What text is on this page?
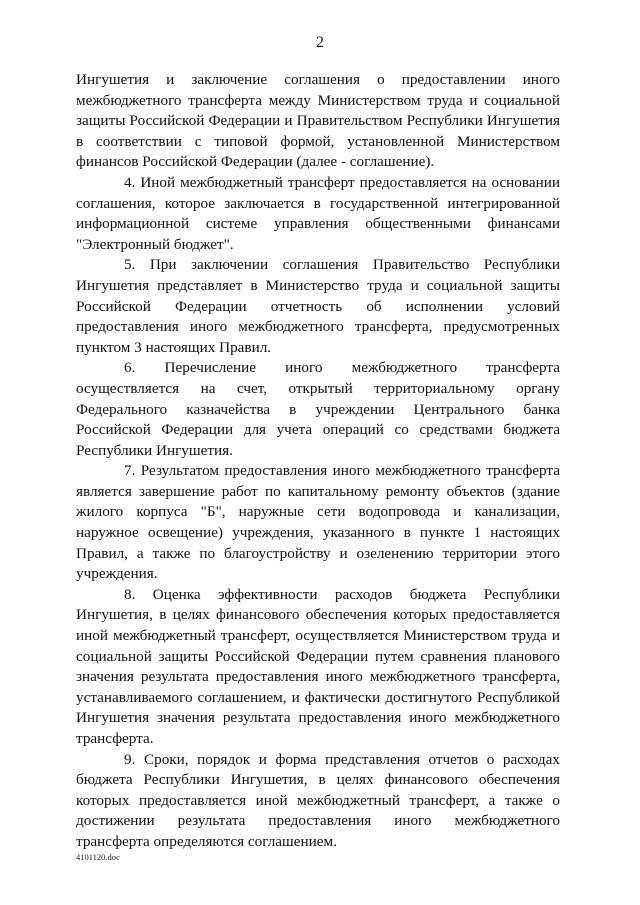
2

Ингушетия и заключение соглашения о предоставлении иного межбюджетного трансферта между Министерством труда и социальной защиты Российской Федерации и Правительством Республики Ингушетия в соответствии с типовой формой, установленной Министерством финансов Российской Федерации (далее - соглашение).

4. Иной межбюджетный трансферт предоставляется на основании соглашения, которое заключается в государственной интегрированной информационной системе управления общественными финансами "Электронный бюджет".

5. При заключении соглашения Правительство Республики Ингушетия представляет в Министерство труда и социальной защиты Российской Федерации отчетность об исполнении условий предоставления иного межбюджетного трансферта, предусмотренных пунктом 3 настоящих Правил.

6. Перечисление иного межбюджетного трансферта осуществляется на счет, открытый территориальному органу Федерального казначейства в учреждении Центрального банка Российской Федерации для учета операций со средствами бюджета Республики Ингушетия.

7. Результатом предоставления иного межбюджетного трансферта является завершение работ по капитальному ремонту объектов (здание жилого корпуса "Б", наружные сети водопровода и канализации, наружное освещение) учреждения, указанного в пункте 1 настоящих Правил, а также по благоустройству и озеленению территории этого учреждения.

8. Оценка эффективности расходов бюджета Республики Ингушетия, в целях финансового обеспечения которых предоставляется иной межбюджетный трансферт, осуществляется Министерством труда и социальной защиты Российской Федерации путем сравнения планового значения результата предоставления иного межбюджетного трансферта, устанавливаемого соглашением, и фактически достигнутого Республикой Ингушетия значения результата предоставления иного межбюджетного трансферта.

9. Сроки, порядок и форма представления отчетов о расходах бюджета Республики Ингушетия, в целях финансового обеспечения которых предоставляется иной межбюджетный трансферт, а также о достижении результата предоставления иного межбюджетного трансферта определяются соглашением.

4101120.doc
